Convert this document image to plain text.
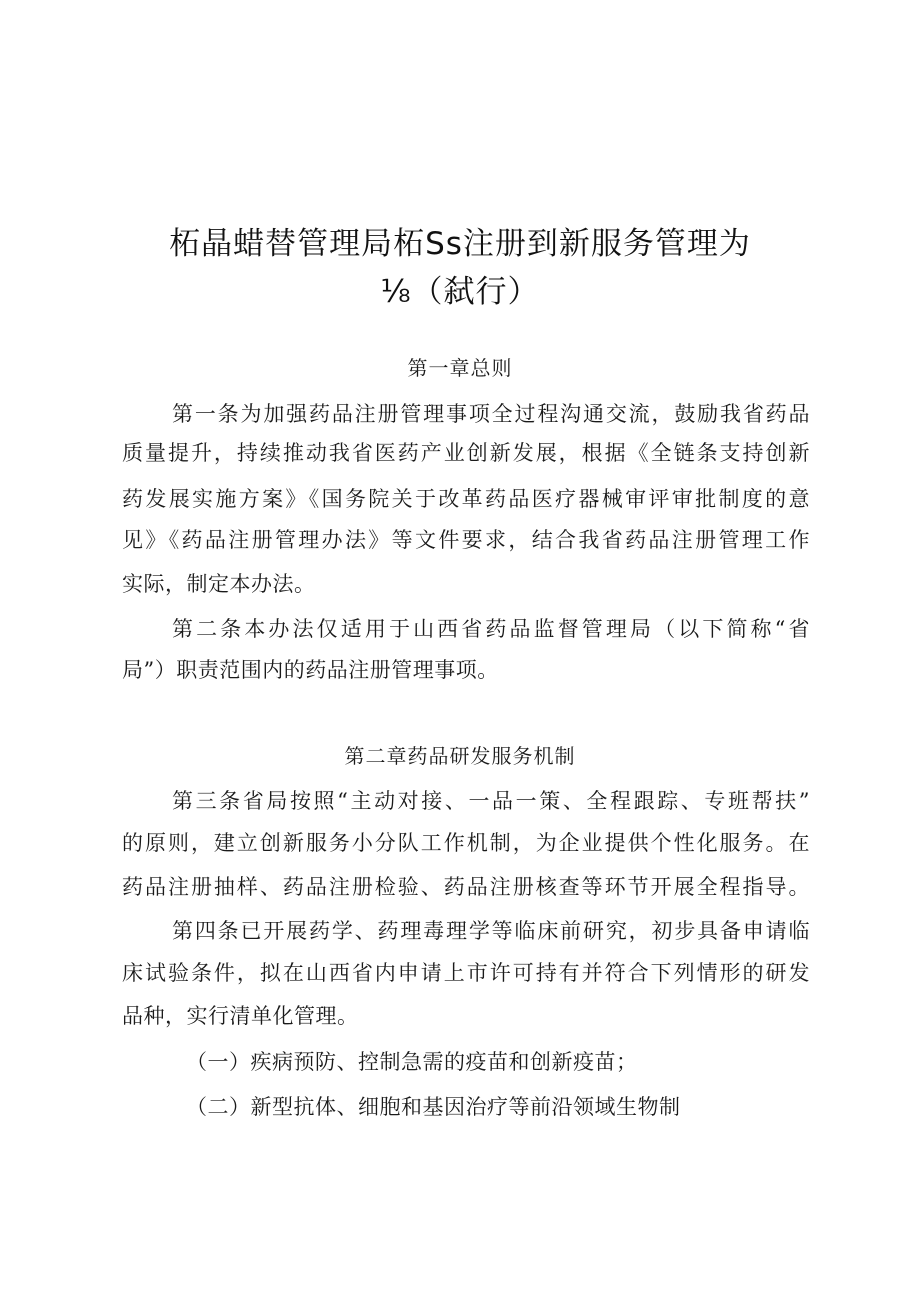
柘晶蜡替管理局柘Ss注册到新服务管理为
⅛（弑行）
第一章总则
第一条为加强药品注册管理事项全过程沟通交流，鼓励我省药品
质量提升，持续推动我省医药产业创新发展，根据《全链条支持创新
药发展实施方案》《国务院关于改革药品医疗器械审评审批制度的意
见》《药品注册管理办法》等文件要求，结合我省药品注册管理工作
实际，制定本办法。
第二条本办法仅适用于山西省药品监督管理局（以下简称“省
局”）职责范围内的药品注册管理事项。
第二章药品研发服务机制
第三条省局按照“主动对接、一品一策、全程跟踪、专班帮扶”
的原则，建立创新服务小分队工作机制，为企业提供个性化服务。在
药品注册抽样、药品注册检验、药品注册核查等环节开展全程指导。
第四条已开展药学、药理毒理学等临床前研究，初步具备申请临
床试验条件，拟在山西省内申请上市许可持有并符合下列情形的研发
品种，实行清单化管理。
（一）疾病预防、控制急需的疫苗和创新疫苗；
（二）新型抗体、细胞和基因治疗等前沿领域生物制
